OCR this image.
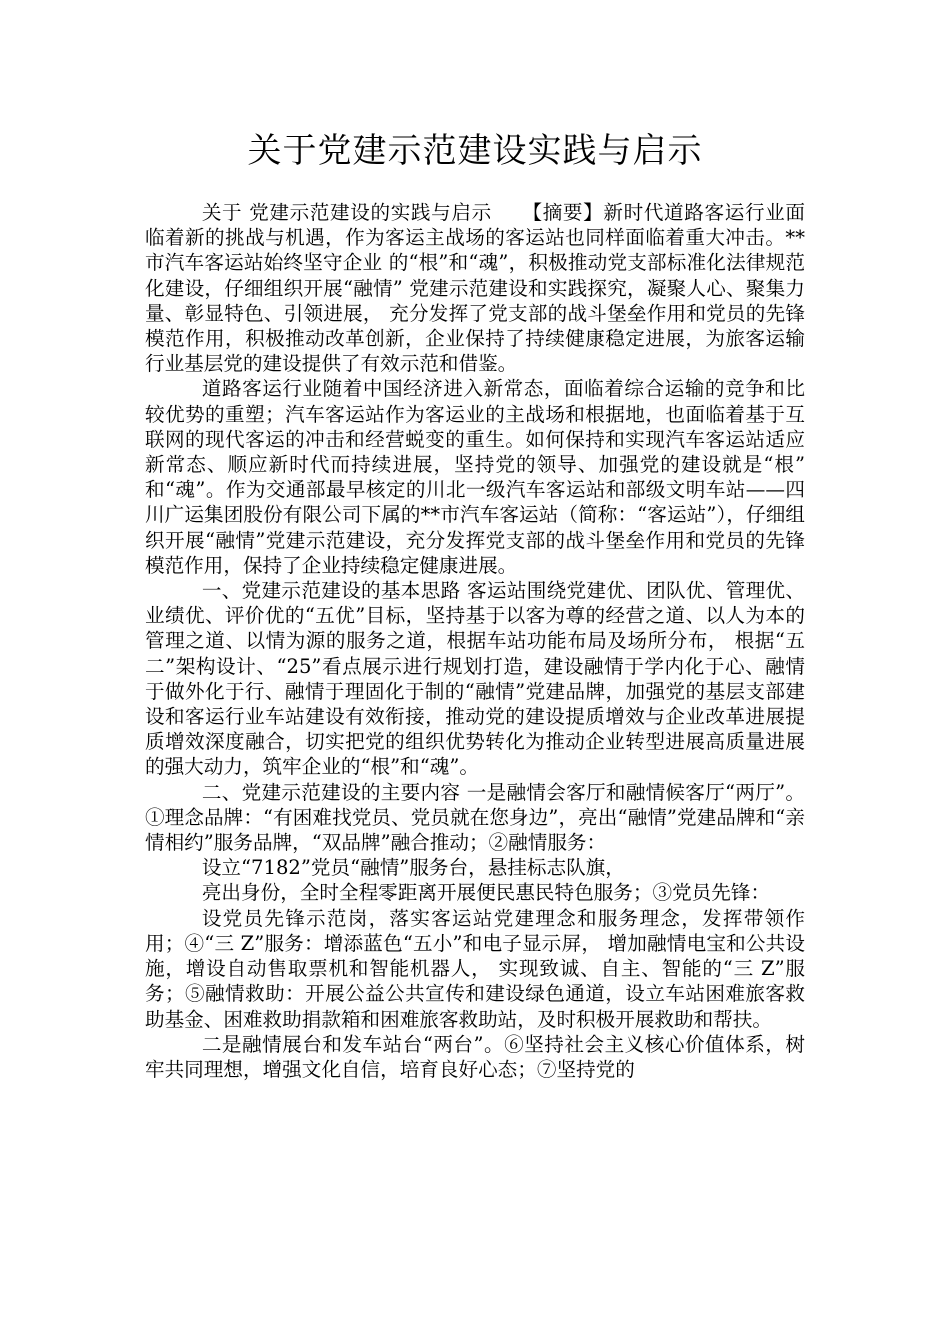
关于党建示范建设实践与启示

关于 党建示范建设的实践与启示　　【摘要】新时代道路客运行业面临着新的挑战与机遇，作为客运主战场的客运站也同样面临着重大冲击。**市汽车客运站始终坚守企业 的“根”和“魂”，积极推动党支部标准化法律规范化建设，仔细组织开展“融情” 党建示范建设和实践探究，凝聚人心、聚集力量、彰显特色、引领进展， 充分发挥了党支部的战斗堡垒作用和党员的先锋模范作用，积极推动改革创新，企业保持了持续健康稳定进展，为旅客运输行业基层党的建设提供了有效示范和借鉴。

道路客运行业随着中国经济进入新常态，面临着综合运输的竞争和比较优势的重塑；汽车客运站作为客运业的主战场和根据地，也面临着基于互联网的现代客运的冲击和经营蜕变的重生。如何保持和实现汽车客运站适应新常态、顺应新时代而持续进展，坚持党的领导、加强党的建设就是“根” 和“魂”。作为交通部最早核定的川北一级汽车客运站和部级文明车站——四川广运集团股份有限公司下属的**市汽车客运站（简称：“客运站”），仔细组织开展“融情”党建示范建设，充分发挥党支部的战斗堡垒作用和党员的先锋模范作用，保持了企业持续稳定健康进展。

一、党建示范建设的基本思路 客运站围绕党建优、团队优、管理优、业绩优、评价优的“五优”目标，坚持基于以客为尊的经营之道、以人为本的管理之道、以情为源的服务之道，根据车站功能布局及场所分布， 根据“五二”架构设计、“25”看点展示进行规划打造，建设融情于学内化于心、融情于做外化于行、融情于理固化于制的“融情”党建品牌，加强党的基层支部建设和客运行业车站建设有效衔接，推动党的建设提质增效与企业改革进展提质增效深度融合，切实把党的组织优势转化为推动企业转型进展高质量进展的强大动力，筑牢企业的“根”和“魂”。

二、党建示范建设的主要内容 一是融情会客厅和融情候客厅“两厅”。①理念品牌：“有困难找党员、党员就在您身边”，亮出“融情”党建品牌和“亲情相约”服务品牌，“双品牌”融合推动；②融情服务：

设立“7182”党员“融情”服务台，悬挂标志队旗，

亮出身份，全时全程零距离开展便民惠民特色服务；③党员先锋：

设党员先锋示范岗，落实客运站党建理念和服务理念，发挥带领作用；④“三 Z”服务：增添蓝色“五小”和电子显示屏， 增加融情电宝和公共设施，增设自动售取票机和智能机器人， 实现致诚、自主、智能的“三 Z”服务；⑤融情救助：开展公益公共宣传和建设绿色通道，设立车站困难旅客救助基金、困难救助捐款箱和困难旅客救助站，及时积极开展救助和帮扶。

二是融情展台和发车站台“两台”。⑥坚持社会主义核心价值体系，树牢共同理想，增强文化自信，培育良好心态；⑦坚持党的
